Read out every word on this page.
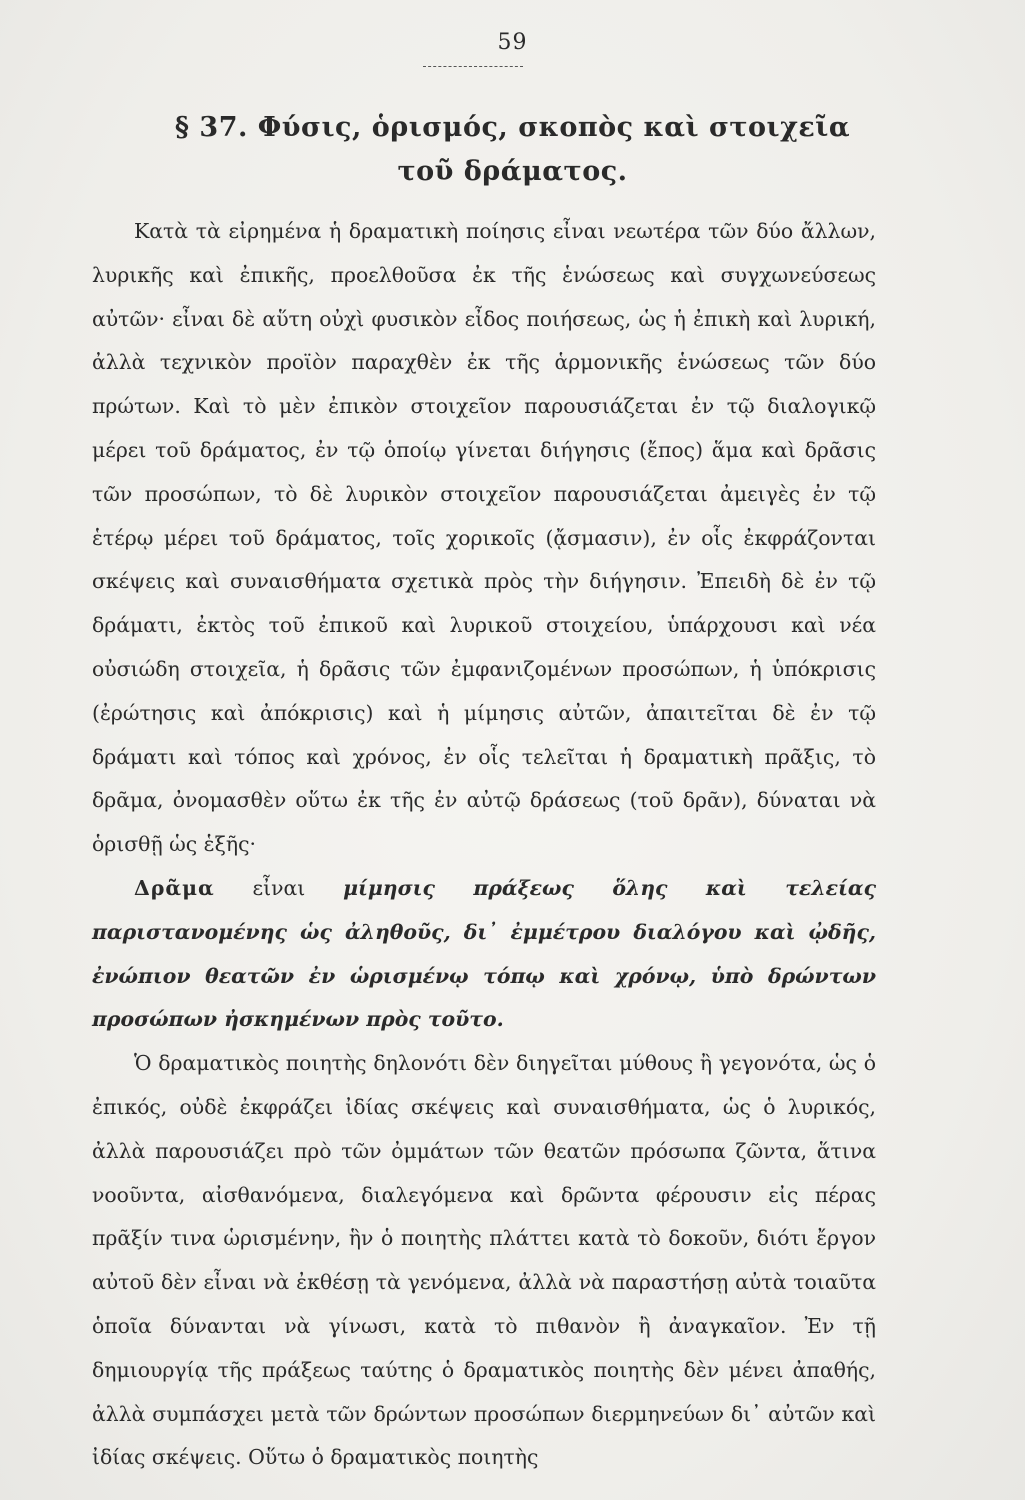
59
§ 37. Φύσις, ὁρισμός, σκοπὸς καὶ στοιχεῖα
τοῦ δράματος.

Κατὰ τὰ εἰρημένα ἡ δραματικὴ ποίησις εἶναι νεωτέρα τῶν δύο ἄλλων, λυρικῆς καὶ ἐπικῆς, προελθοῦσα ἐκ τῆς ἑνώσεως καὶ συγχωνεύσεως αὐτῶν· εἶναι δὲ αὕτη οὐχὶ φυσικὸν εἶδος ποιήσεως, ὡς ἡ ἐπικὴ καὶ λυρική, ἀλλὰ τεχνικὸν προϊὸν παραχθὲν ἐκ τῆς ἁρμονικῆς ἑνώσεως τῶν δύο πρώτων. Καὶ τὸ μὲν ἐπικὸν στοιχεῖον παρουσιάζεται ἐν τῷ διαλογικῷ μέρει τοῦ δράματος, ἐν τῷ ὁποίῳ γίνεται διήγησις (ἔπος) ἅμα καὶ δρᾶσις τῶν προσώπων, τὸ δὲ λυρικὸν στοιχεῖον παρουσιάζεται ἀμειγὲς ἐν τῷ ἑτέρῳ μέρει τοῦ δράματος, τοῖς χορικοῖς (ᾄσμασιν), ἐν οἷς ἐκφράζονται σκέψεις καὶ συναισθήματα σχετικὰ πρὸς τὴν διήγησιν. Ἐπειδὴ δὲ ἐν τῷ δράματι, ἐκτὸς τοῦ ἐπικοῦ καὶ λυρικοῦ στοιχείου, ὑπάρχουσι καὶ νέα οὐσιώδη στοιχεῖα, ἡ δρᾶσις τῶν ἐμφανιζομένων προσώπων, ἡ ὑπόκρισις (ἐρώτησις καὶ ἀπόκρισις) καὶ ἡ μίμησις αὐτῶν, ἀπαιτεῖται δὲ ἐν τῷ δράματι καὶ τόπος καὶ χρόνος, ἐν οἷς τελεῖται ἡ δραματικὴ πρᾶξις, τὸ δρᾶμα, ὀνομασθὲν οὕτω ἐκ τῆς ἐν αὐτῷ δράσεως (τοῦ δρᾶν), δύναται νὰ ὁρισθῇ ὡς ἑξῆς·

Δρᾶμα εἶναι μίμησις πράξεως ὅλης καὶ τελείας παριστανομένης ὡς ἀληθοῦς, δι᾽ ἐμμέτρου διαλόγου καὶ ᾠδῆς, ἐνώπιον θεατῶν ἐν ὡρισμένῳ τόπῳ καὶ χρόνῳ, ὑπὸ δρώντων προσώπων ἠσκημένων πρὸς τοῦτο.

Ὁ δραματικὸς ποιητὴς δηλονότι δὲν διηγεῖται μύθους ἢ γεγονότα, ὡς ὁ ἐπικός, οὐδὲ ἐκφράζει ἰδίας σκέψεις καὶ συναισθήματα, ὡς ὁ λυρικός, ἀλλὰ παρουσιάζει πρὸ τῶν ὀμμάτων τῶν θεατῶν πρόσωπα ζῶντα, ἅτινα νοοῦντα, αἰσθανόμενα, διαλεγόμενα καὶ δρῶντα φέρουσιν εἰς πέρας πρᾶξίν τινα ὡρισμένην, ἣν ὁ ποιητὴς πλάττει κατὰ τὸ δοκοῦν, διότι ἔργον αὐτοῦ δὲν εἶναι νὰ ἐκθέσῃ τὰ γενόμενα, ἀλλὰ νὰ παραστήσῃ αὐτὰ τοιαῦτα ὁποῖα δύνανται νὰ γίνωσι, κατὰ τὸ πιθανὸν ἢ ἀναγκαῖον. Ἐν τῇ δημιουργίᾳ τῆς πράξεως ταύτης ὁ δραματικὸς ποιητὴς δὲν μένει ἀπαθής, ἀλλὰ συμπάσχει μετὰ τῶν δρώντων προσώπων διερμηνεύων δι᾽ αὐτῶν καὶ ἰδίας σκέψεις. Οὕτω ὁ δραματικὸς ποιητὴς
